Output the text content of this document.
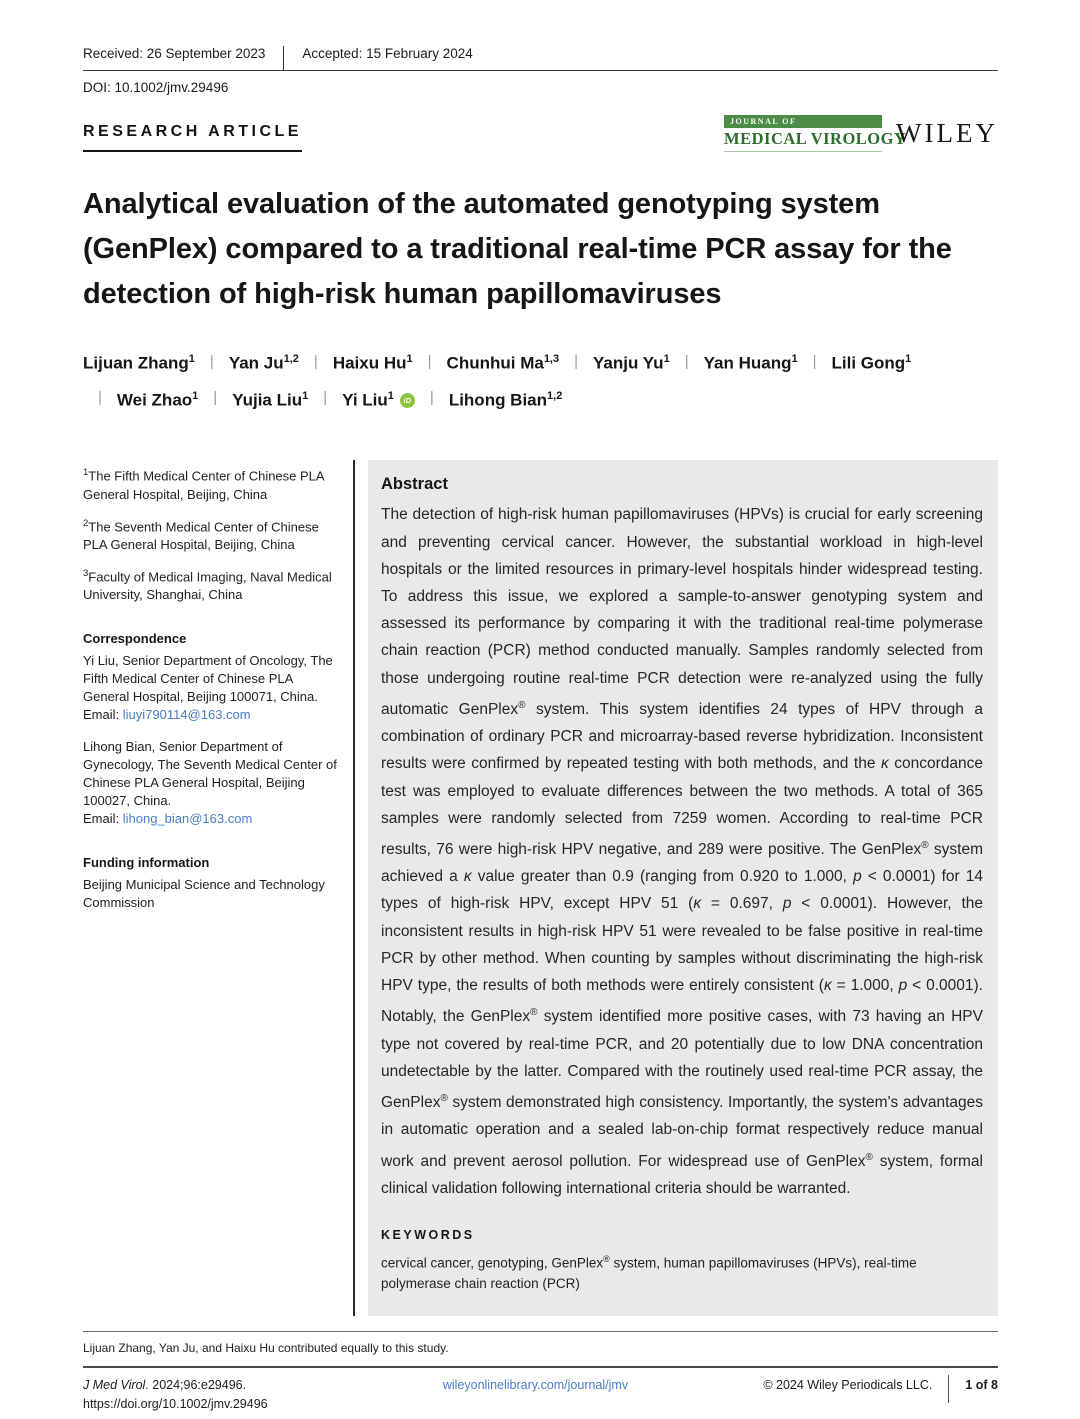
Received: 26 September 2023	Accepted: 15 February 2024
DOI: 10.1002/jmv.29496
RESEARCH ARTICLE
JOURNAL OF
MEDICAL VIROLOGY
WILEY
Analytical evaluation of the automated genotyping system (GenPlex) compared to a traditional real-time PCR assay for the detection of high-risk human papillomaviruses
Lijuan Zhang$^1$ | Yan Ju$^{1,2}$ | Haixu Hu$^1$ | Chunhui Ma$^{1,3}$ | Yanju Yu$^1$ | Yan Huang$^1$ | Lili Gong$^1$
| Wei Zhao$^1$ | Yujia Liu$^1$ | Yi Liu$^1$ iD | Lihong Bian$^{1,2}$

$^1$The Fifth Medical Center of Chinese PLA General Hospital, Beijing, China

$^2$The Seventh Medical Center of Chinese PLA General Hospital, Beijing, China

$^3$Faculty of Medical Imaging, Naval Medical University, Shanghai, China

Correspondence
Yi Liu, Senior Department of Oncology, The Fifth Medical Center of Chinese PLA General Hospital, Beijing 100071, China.
Email: liuyi790114@163.com
Lihong Bian, Senior Department of Gynecology, The Seventh Medical Center of Chinese PLA General Hospital, Beijing 100027, China.
Email: lihong_bian@163.com
Funding information
Beijing Municipal Science and Technology Commission
Abstract

The detection of high-risk human papillomaviruses (HPVs) is crucial for early screening and preventing cervical cancer. However, the substantial workload in high-level hospitals or the limited resources in primary-level hospitals hinder widespread testing. To address this issue, we explored a sample-to-answer genotyping system and assessed its performance by comparing it with the traditional real-time polymerase chain reaction (PCR) method conducted manually. Samples randomly selected from those undergoing routine real-time PCR detection were re-analyzed using the fully automatic GenPlex® system. This system identifies 24 types of HPV through a combination of ordinary PCR and microarray-based reverse hybridization. Inconsistent results were confirmed by repeated testing with both methods, and the κ concordance test was employed to evaluate differences between the two methods. A total of 365 samples were randomly selected from 7259 women. According to real-time PCR results, 76 were high-risk HPV negative, and 289 were positive. The GenPlex® system achieved a κ value greater than 0.9 (ranging from 0.920 to 1.000, p < 0.0001) for 14 types of high-risk HPV, except HPV 51 (κ = 0.697, p < 0.0001). However, the inconsistent results in high-risk HPV 51 were revealed to be false positive in real-time PCR by other method. When counting by samples without discriminating the high-risk HPV type, the results of both methods were entirely consistent (κ = 1.000, p < 0.0001). Notably, the GenPlex® system identified more positive cases, with 73 having an HPV type not covered by real-time PCR, and 20 potentially due to low DNA concentration undetectable by the latter. Compared with the routinely used real-time PCR assay, the GenPlex® system demonstrated high consistency. Importantly, the system's advantages in automatic operation and a sealed lab-on-chip format respectively reduce manual work and prevent aerosol pollution. For widespread use of GenPlex® system, formal clinical validation following international criteria should be warranted.

KEYWORDS

cervical cancer, genotyping, GenPlex® system, human papillomaviruses (HPVs), real-time polymerase chain reaction (PCR)

Lijuan Zhang, Yan Ju, and Haixu Hu contributed equally to this study.
J Med Virol. 2024;96:e29496.
https://doi.org/10.1002/jmv.29496
wileyonlinelibrary.com/journal/jmv	© 2024 Wiley Periodicals LLC.	1 of 8
